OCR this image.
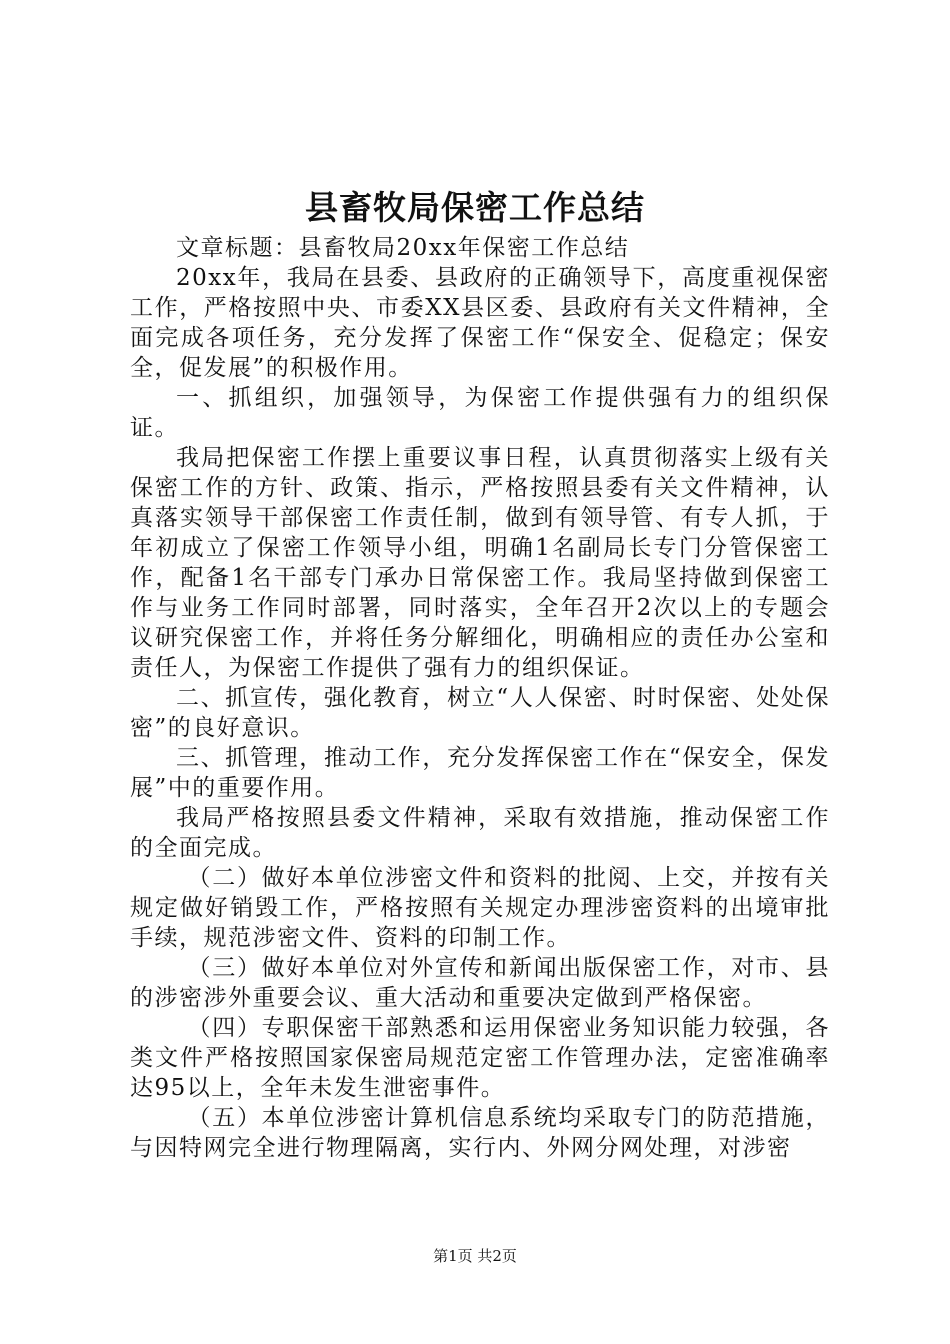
县畜牧局保密工作总结

文章标题：县畜牧局20xx年保密工作总结

20xx年，我局在县委、县政府的正确领导下，高度重视保密工作，严格按照中央、市委XX县区委、县政府有关文件精神，全面完成各项任务，充分发挥了保密工作“保安全、促稳定；保安全，促发展”的积极作用。

一、抓组织，加强领导，为保密工作提供强有力的组织保证。

我局把保密工作摆上重要议事日程，认真贯彻落实上级有关保密工作的方针、政策、指示，严格按照县委有关文件精神，认真落实领导干部保密工作责任制，做到有领导管、有专人抓，于年初成立了保密工作领导小组，明确1名副局长专门分管保密工作，配备1名干部专门承办日常保密工作。我局坚持做到保密工作与业务工作同时部署，同时落实，全年召开2次以上的专题会议研究保密工作，并将任务分解细化，明确相应的责任办公室和责任人，为保密工作提供了强有力的组织保证。

二、抓宣传，强化教育，树立“人人保密、时时保密、处处保密”的良好意识。

三、抓管理，推动工作，充分发挥保密工作在“保安全，保发展”中的重要作用。

我局严格按照县委文件精神，采取有效措施，推动保密工作的全面完成。

（二）做好本单位涉密文件和资料的批阅、上交，并按有关规定做好销毁工作，严格按照有关规定办理涉密资料的出境审批手续，规范涉密文件、资料的印制工作。

（三）做好本单位对外宣传和新闻出版保密工作，对市、县的涉密涉外重要会议、重大活动和重要决定做到严格保密。

（四）专职保密干部熟悉和运用保密业务知识能力较强，各类文件严格按照国家保密局规范定密工作管理办法，定密准确率达95以上，全年未发生泄密事件。

（五）本单位涉密计算机信息系统均采取专门的防范措施，与因特网完全进行物理隔离，实行内、外网分网处理，对涉密

第1页 共2页
